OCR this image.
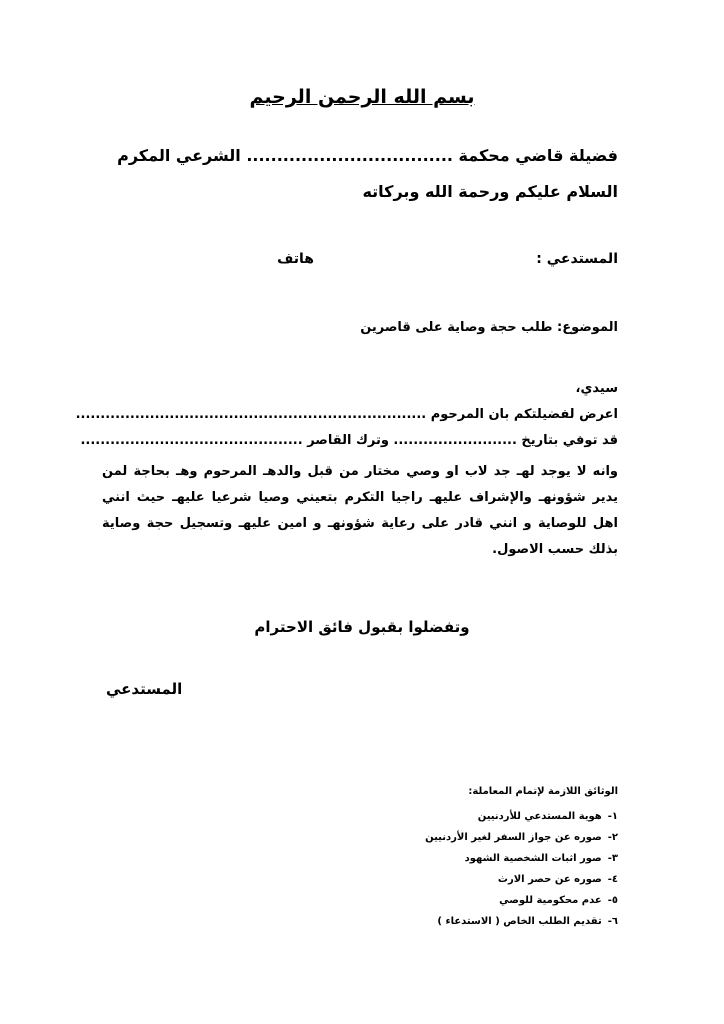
بسم الله الرحمن الرحيم
فضيلة قاضي محكمة .................................. الشرعي المكرم
السلام عليكم ورحمة الله وبركاته
المستدعي :
هاتف
الموضوع: طلب حجة وصاية على قاصرين
سيدي،
اعرض لفضيلتكم بان المرحوم .......................................................................
قد توفي بتاريخ ......................... وترك القاصر .............................................
وانه لا يوجد لهـ جد لاب او وصي مختار من قبل والدهـ المرحوم وهـ بحاجة لمن يدير شؤونهـ والإشراف عليهـ راجيا التكرم بتعيني وصيا شرعيا عليهـ حيث انني اهل للوصاية و انني قادر على رعاية شؤونهـ و امين عليهـ وتسجيل حجة وصاية بذلك حسب الاصول.
وتفضلوا بقبول فائق الاحترام
المستدعي
الوثائق اللازمة لإتمام المعاملة:
١-هوية المستدعي للأردنيين
٢-صوره عن جواز السفر لغير الأردنيين
٣-صور اثبات الشخصية الشهود
٤-صوره عن حصر الارث
٥-عدم محكومية للوصي
٦-تقديم الطلب الخاص ( الاستدعاء )
